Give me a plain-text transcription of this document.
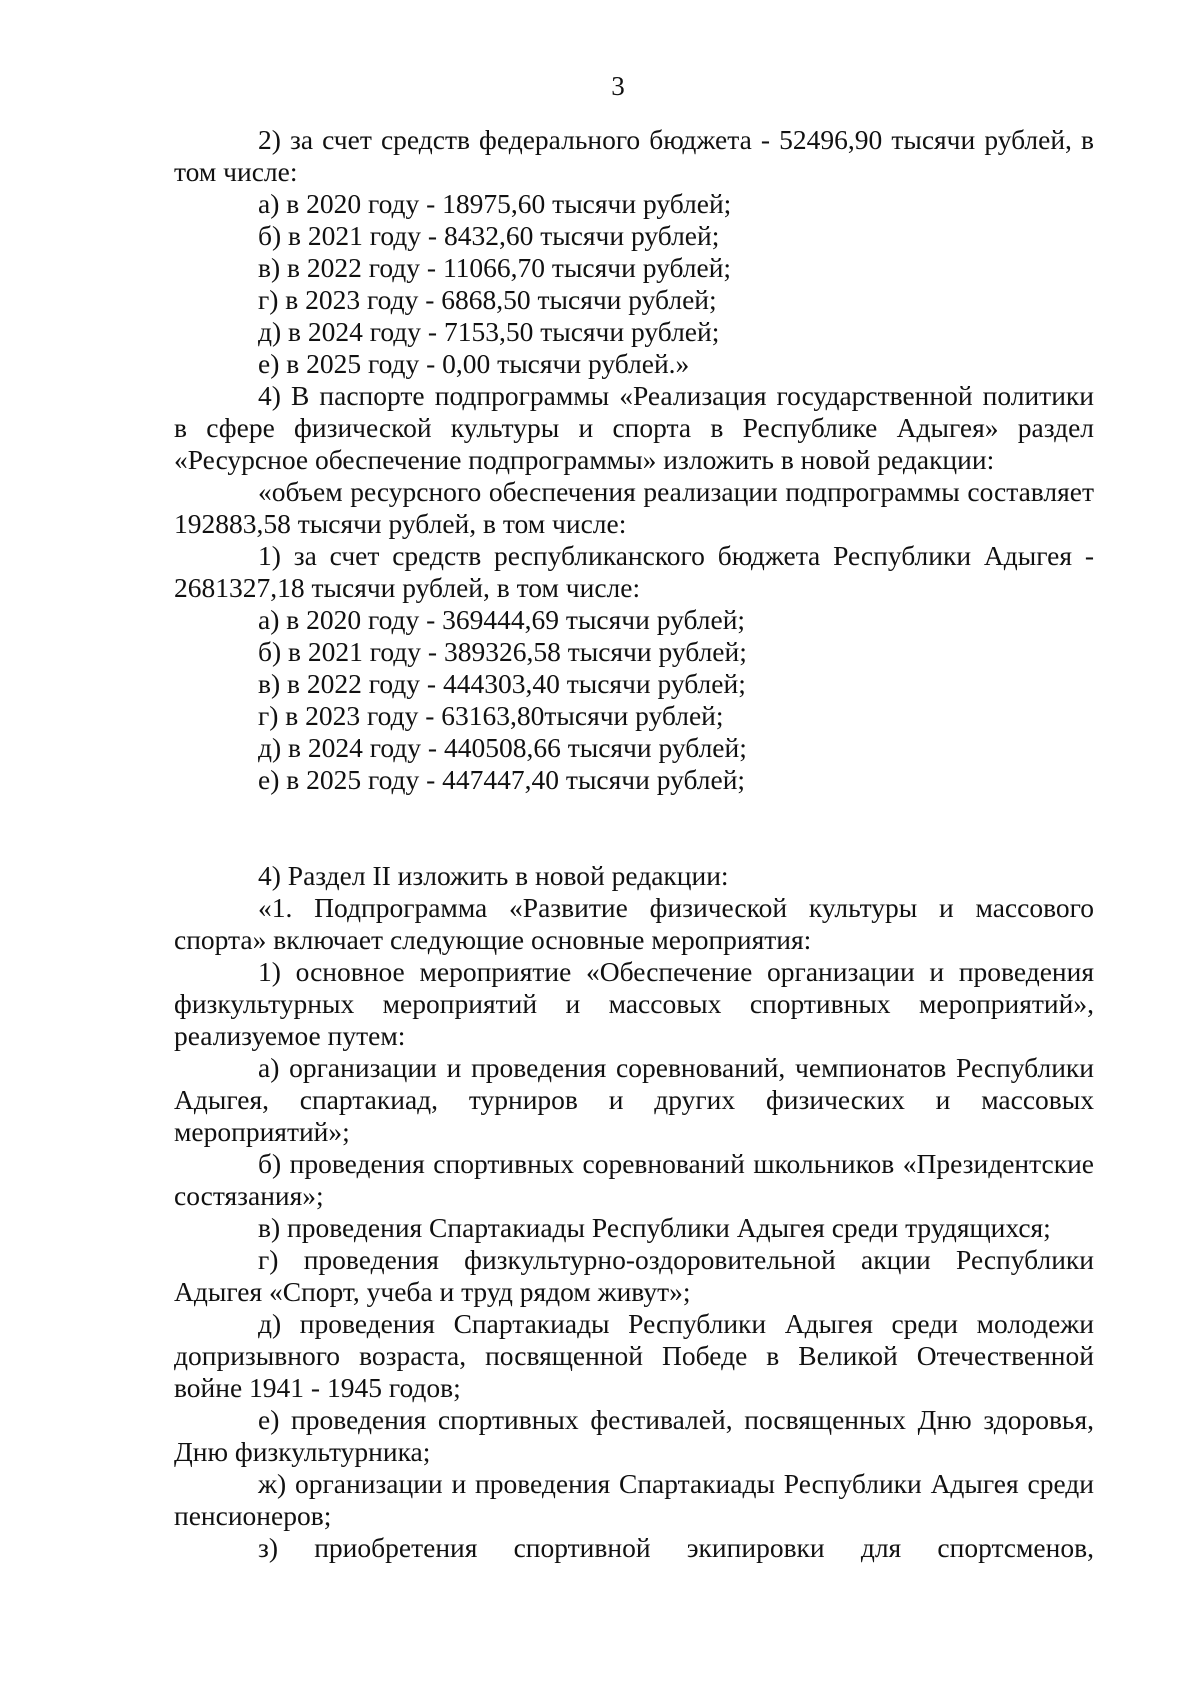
3

2) за счет средств федерального бюджета - 52496,90 тысячи рублей, в том числе:

а) в 2020 году - 18975,60 тысячи рублей;

б) в 2021 году - 8432,60 тысячи рублей;

в) в 2022 году - 11066,70 тысячи рублей;

г) в 2023 году - 6868,50 тысячи рублей;

д) в 2024 году - 7153,50 тысячи рублей;

е) в 2025 году - 0,00 тысячи рублей.»

4) В паспорте подпрограммы «Реализация государственной политики в сфере физической культуры и спорта в Республике Адыгея» раздел «Ресурсное обеспечение подпрограммы» изложить в новой редакции:

«объем ресурсного обеспечения реализации подпрограммы составляет 192883,58 тысячи рублей, в том числе:

1) за счет средств республиканского бюджета Республики Адыгея - 2681327,18 тысячи рублей, в том числе:

а) в 2020 году - 369444,69 тысячи рублей;

б) в 2021 году - 389326,58 тысячи рублей;

в) в 2022 году - 444303,40 тысячи рублей;

г) в 2023 году - 63163,80тысячи рублей;

д) в 2024 году - 440508,66 тысячи рублей;

е) в 2025 году - 447447,40 тысячи рублей;

4) Раздел II изложить в новой редакции:

«1. Подпрограмма «Развитие физической культуры и массового спорта» включает следующие основные мероприятия:

1) основное мероприятие «Обеспечение организации и проведения физкультурных мероприятий и массовых спортивных мероприятий», реализуемое путем:

а) организации и проведения соревнований, чемпионатов Республики Адыгея, спартакиад, турниров и других физических и массовых мероприятий»;

б) проведения спортивных соревнований школьников «Президентские состязания»;

в) проведения Спартакиады Республики Адыгея среди трудящихся;

г) проведения физкультурно-оздоровительной акции Республики Адыгея «Спорт, учеба и труд рядом живут»;

д) проведения Спартакиады Республики Адыгея среди молодежи допризывного возраста, посвященной Победе в Великой Отечественной войне 1941 - 1945 годов;

е) проведения спортивных фестивалей, посвященных Дню здоровья, Дню физкультурника;

ж) организации и проведения Спартакиады Республики Адыгея среди пенсионеров;

з) приобретения спортивной экипировки для спортсменов,
